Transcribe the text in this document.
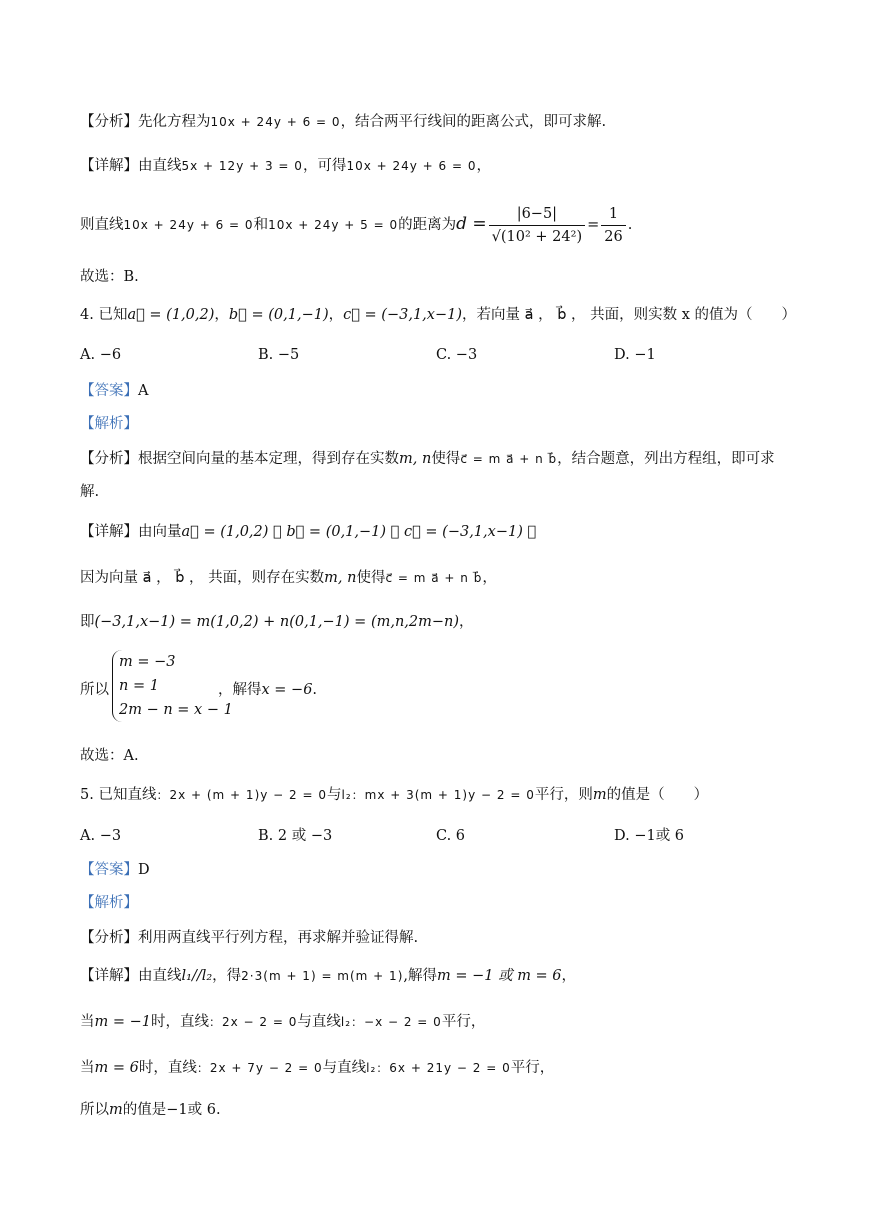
【分析】先化方程为10x + 24y + 6 = 0，结合两平行线间的距离公式，即可求解.
【详解】由直线5x + 12y + 3 = 0，可得10x + 24y + 6 = 0，
则直线10x + 24y + 6 = 0和10x + 24y + 5 = 0的距离为$d = \frac{|6-5|}{\text{√(10² + 24²)}} = \frac{1}{26}$ .
故选：B.
4. 已知a⃗ = (1,0,2)，b⃗ = (0,1,−1)，c⃗ = (−3,1,x−1)，若向量 a⃗ ， b⃗ ， 共面，则实数 x 的值为（　　）
A. −6	B. −5	C. −3	D. −1
【答案】A
【解析】
【分析】根据空间向量的基本定理，得到存在实数m, n使得c⃗ = m a⃗ + n b⃗，结合题意，列出方程组，即可求
解.
【详解】由向量a⃗ = (1,0,2) ， b⃗ = (0,1,−1) ， c⃗ = (−3,1,x−1) ，
因为向量 a⃗ ， b⃗ ， 共面，则存在实数m, n使得c⃗ = m a⃗ + n b⃗，
即(−3,1,x−1) = m(1,0,2) + n(0,1,−1) = (m,n,2m−n)，
所以
m = −3
n = 1
2m − n = x − 1
，解得x = −6.
故选：A.
5. 已知直线：2x + (m + 1)y − 2 = 0与l₂：mx + 3(m + 1)y − 2 = 0平行，则m的值是（　　）
A. −3	B. 2 或 −3	C. 6	D. −1或 6
【答案】D
【解析】
【分析】利用两直线平行列方程，再求解并验证得解.
【详解】由直线l₁//l₂，得2·3(m + 1) = m(m + 1),解得m = −1 或 m = 6，
当m = −1时，直线：2x − 2 = 0与直线l₂：−x − 2 = 0平行，
当m = 6时，直线：2x + 7y − 2 = 0与直线l₂：6x + 21y − 2 = 0平行，
所以m的值是−1或 6.
